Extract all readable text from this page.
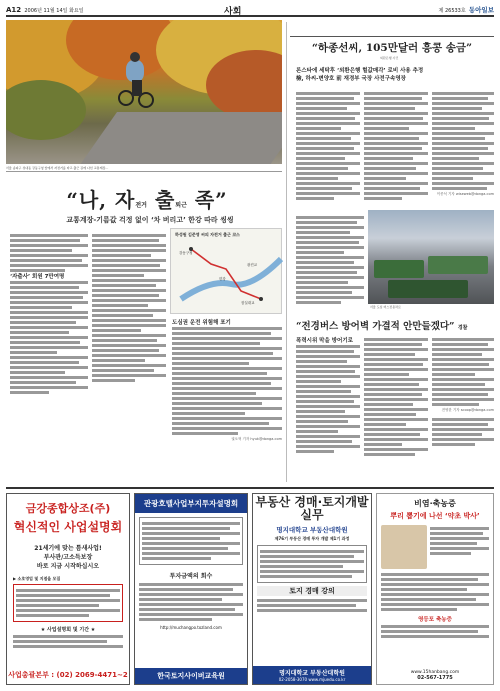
A12 2006년 11월 14일 화요일	사회	제 26533호 동아일보
서울 송파구 성내동 강동구청 앞에서 자전거를 타고 출근 길에 나선 교통계장…
“나, 자전거 출퇴근 족”
교통계장-기름값 걱정 없이 ‘차 버리고’ 한강 따라 씽씽
하성원 김준영 씨의 자전거 출근 코스
강동구청
한강
잠실대교
광진교
‘자출사’ 회원 7만여명
도심권 운전 위험해 포기
권오혁 기자 hyuk@donga.com
“하종선씨, 105만달러 흥콩 송금”
외환은행 사건
론스타에 세탁후 ‘외환은행 헐값매각’ 로비 사용 추정
檢, 하씨-변양호 前 재경부 국장 사전구속영장
이종석 기자 wiseweb@donga.com
서울 도심 버스전용차로
“전경버스 방어벽 가결적 안만들겠다” 경찰
폭력시위 막을 방어기로
전영한 기자 scoop@donga.com
금강종합상조(주)
혁신적인 사업설명회
21세기에 맞는 틈새사업!
부사관/고소득보장
바로 지금 시작하십시오
▶ 소호영업 및 지점을 모집
★ 사업설명회 및 기간 ★
사업총괄본부 : (02) 2069-4471~2
관광호텔사업부지투자설명회
투자금액의 회수
http://muchangpo.tozland.com
한국토지사이버교육원
부동산 경매·토지개발 실무
명지대학교 부동산대학원
제76기 부동산 경매 투자 개발 제1기 과정
토지 경매 강의
명지대학교 부동산대학원
02-2058-3070 www.mjuedu.co.kr
비염·축농증
뿌리 뽑기에 나선 ‘약초 박사’
영등포 축농증
www.15hanbang.com
02-567-1775
